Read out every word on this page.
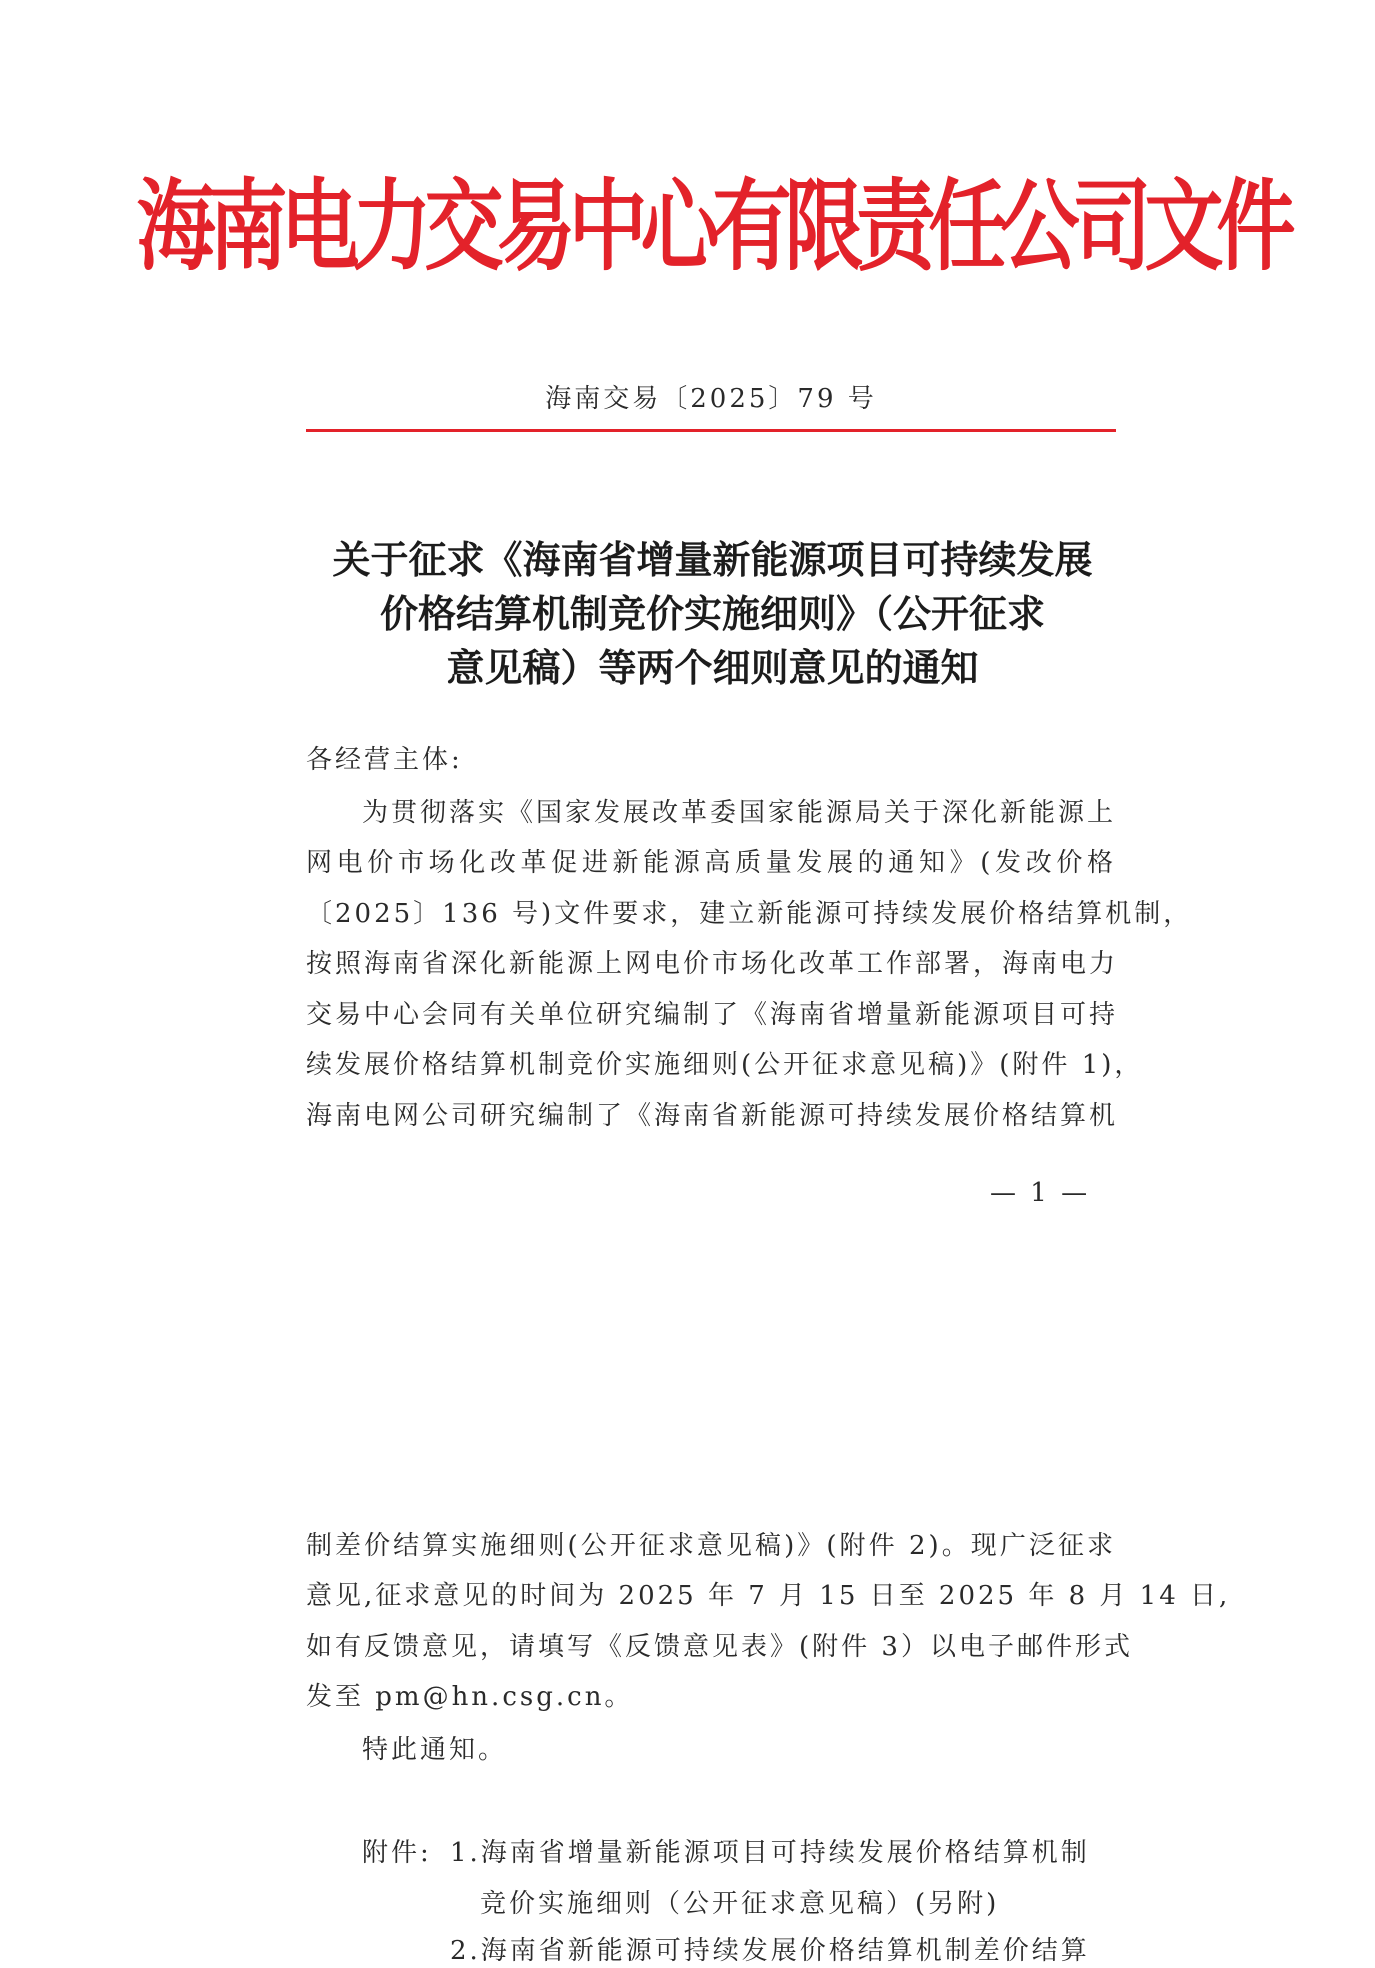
海南电力交易中心有限责任公司文件
海南交易〔2025〕79 号
关于征求《海南省增量新能源项目可持续发展
价格结算机制竞价实施细则》（公开征求
意见稿）等两个细则意见的通知
各经营主体:
为贯彻落实《国家发展改革委国家能源局关于深化新能源上
网电价市场化改革促进新能源高质量发展的通知》(发改价格
〔2025〕136 号)文件要求，建立新能源可持续发展价格结算机制，
按照海南省深化新能源上网电价市场化改革工作部署，海南电力
交易中心会同有关单位研究编制了《海南省增量新能源项目可持
续发展价格结算机制竞价实施细则(公开征求意见稿)》(附件 1)，
海南电网公司研究编制了《海南省新能源可持续发展价格结算机
— 1 —
制差价结算实施细则(公开征求意见稿)》(附件 2)。现广泛征求
意见,征求意见的时间为 2025 年 7 月 15 日至 2025 年 8 月 14 日,
如有反馈意见，请填写《反馈意见表》(附件 3）以电子邮件形式
发至 pm@hn.csg.cn。
特此通知。
附件: 1.海南省增量新能源项目可持续发展价格结算机制
竞价实施细则（公开征求意见稿）(另附)
2.海南省新能源可持续发展价格结算机制差价结算
